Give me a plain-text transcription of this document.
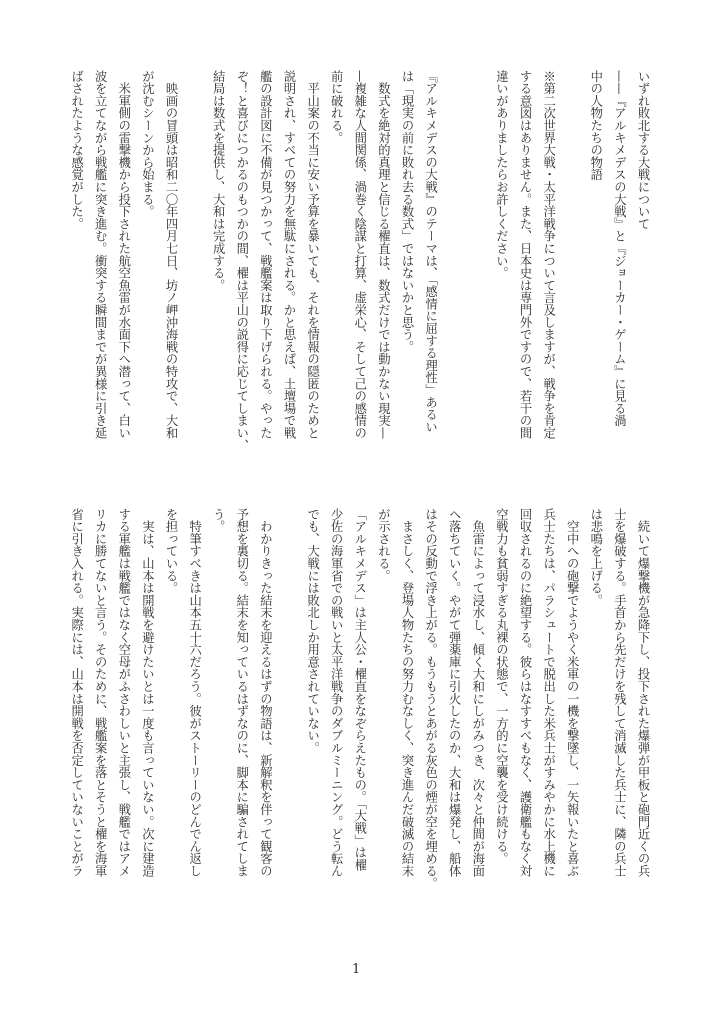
いずれ敗北する大戦について
——『アルキメデスの大戦』と『ジョーカー・ゲーム』に見る渦
中の人物たちの物語
※第二次世界大戦・太平洋戦争について言及しますが、戦争を肯定
する意図はありません。また、日本史は専門外ですので、若干の間
違いがありましたらお許しください。
『アルキメデスの大戦』のテーマは、「感情に屈する理性」あるい
は「現実の前に敗れ去る数式」ではないかと思う。
　数式を絶対的真理と信じる櫂直は、数式だけでは動かない現実—
—複雑な人間関係、渦巻く陰謀と打算、虚栄心、そして己の感情の
前に破れる。
　平山案の不当に安い予算を暴いても、それを情報の隠匿のためと
説明され、すべての努力を無駄にされる。かと思えば、土壇場で戦
艦の設計図に不備が見つかって、戦艦案は取り下げられる。やった
ぞ！と喜びにつかるのもつかの間、櫂は平山の説得に応じてしまい、
結局は数式を提供し、大和は完成する。
　映画の冒頭は昭和二〇年四月七日、坊ノ岬沖海戦の特攻で、大和
が沈むシーンから始まる。
　米軍側の雷撃機から投下された航空魚雷が水面下へ潜って、白い
波を立てながら戦艦に突き進む。衝突する瞬間までが異様に引き延
ばされたような感覚がした。
　続いて爆撃機が急降下し、投下された爆弾が甲板と砲門近くの兵
士を爆破する。手首から先だけを残して消滅した兵士に、隣の兵士
は悲鳴を上げる。
　空中への砲撃でようやく米軍の一機を撃墜し、一矢報いたと喜ぶ
兵士たちは、パラシュートで脱出した米兵士がすみやかに水上機に
回収されるのに絶望する。彼らはなすすべもなく、護衛艦もなく対
空戦力も貧弱すぎる丸裸の状態で、一方的に空襲を受け続ける。
　魚雷によって浸水し、傾く大和にしがみつき、次々と仲間が海面
へ落ちていく。やがて弾薬庫に引火したのか、大和は爆発し、船体
はその反動で浮き上がる。もうもうとあがる灰色の煙が空を埋める。
　まさしく、登場人物たちの努力むなしく、突き進んだ破滅の結末
が示される。
「アルキメデス」は主人公・櫂直をなぞらえたもの。「大戦」は櫂
少佐の海軍省での戦いと太平洋戦争のダブルミーニング。どう転ん
でも、大戦には敗北しか用意されていない。
　わかりきった結末を迎えるはずの物語は、新解釈を伴って観客の
予想を裏切る。結末を知っているはずなのに、脚本に騙されてしま
う。
　特筆すべきは山本五十六だろう。彼がストーリーのどんでん返し
を担っている。
　実は、山本は開戦を避けたいとは一度も言っていない。次に建造
する軍艦は戦艦ではなく空母がふさわしいと主張し、戦艦ではアメ
リカに勝てないと言う。そのために、戦艦案を落とそうと櫂を海軍
省に引き入れる。実際には、山本は開戦を否定していないことがラ
1
